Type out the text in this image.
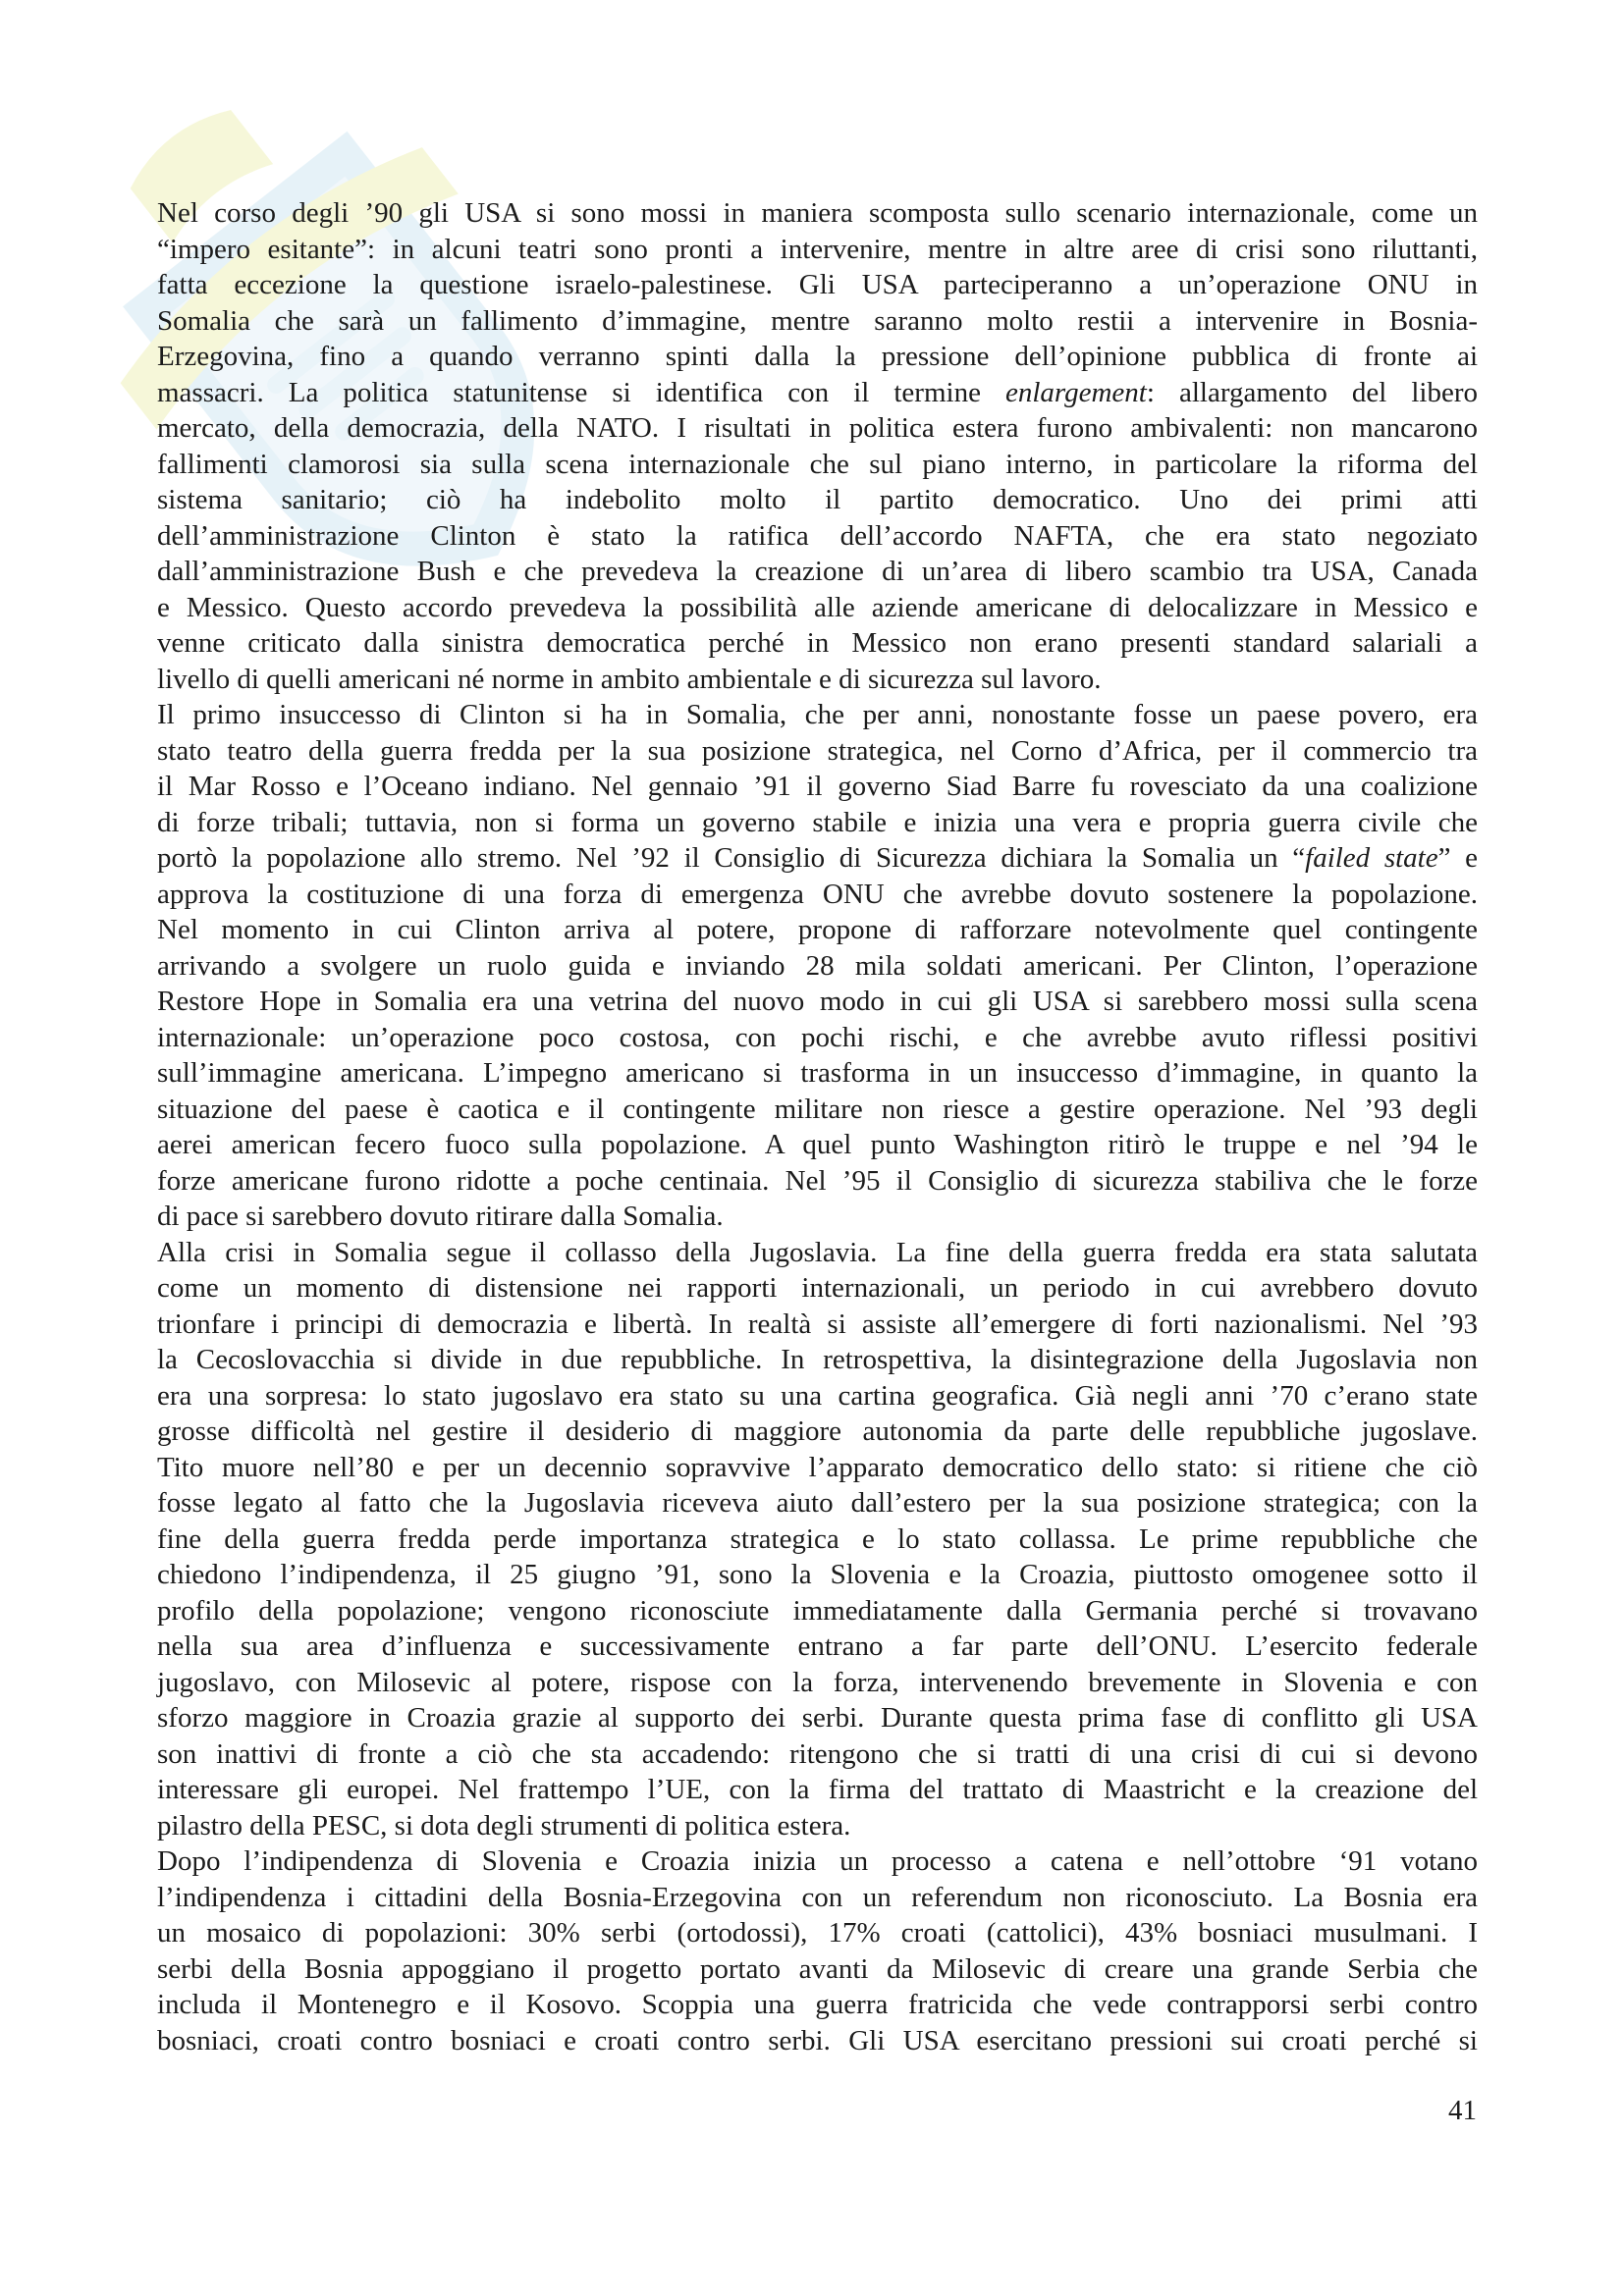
Nel corso degli ’90 gli USA si sono mossi in maniera scomposta sullo scenario internazionale, come un
“impero esitante”: in alcuni teatri sono pronti a intervenire, mentre in altre aree di crisi sono riluttanti,
fatta eccezione la questione israelo-palestinese. Gli USA parteciperanno a un’operazione ONU in
Somalia che sarà un fallimento d’immagine, mentre saranno molto restii a intervenire in Bosnia-
Erzegovina, fino a quando verranno spinti dalla la pressione dell’opinione pubblica di fronte ai
massacri. La politica statunitense si identifica con il termine enlargement: allargamento del libero
mercato, della democrazia, della NATO. I risultati in politica estera furono ambivalenti: non mancarono
fallimenti clamorosi sia sulla scena internazionale che sul piano interno, in particolare la riforma del
sistema sanitario; ciò ha indebolito molto il partito democratico. Uno dei primi atti
dell’amministrazione Clinton è stato la ratifica dell’accordo NAFTA, che era stato negoziato
dall’amministrazione Bush e che prevedeva la creazione di un’area di libero scambio tra USA, Canada
e Messico. Questo accordo prevedeva la possibilità alle aziende americane di delocalizzare in Messico e
venne criticato dalla sinistra democratica perché in Messico non erano presenti standard salariali a
livello di quelli americani né norme in ambito ambientale e di sicurezza sul lavoro.
Il primo insuccesso di Clinton si ha in Somalia, che per anni, nonostante fosse un paese povero, era
stato teatro della guerra fredda per la sua posizione strategica, nel Corno d’Africa, per il commercio tra
il Mar Rosso e l’Oceano indiano. Nel gennaio ’91 il governo Siad Barre fu rovesciato da una coalizione
di forze tribali; tuttavia, non si forma un governo stabile e inizia una vera e propria guerra civile che
portò la popolazione allo stremo. Nel ’92 il Consiglio di Sicurezza dichiara la Somalia un “failed state” e
approva la costituzione di una forza di emergenza ONU che avrebbe dovuto sostenere la popolazione.
Nel momento in cui Clinton arriva al potere, propone di rafforzare notevolmente quel contingente
arrivando a svolgere un ruolo guida e inviando 28 mila soldati americani. Per Clinton, l’operazione
Restore Hope in Somalia era una vetrina del nuovo modo in cui gli USA si sarebbero mossi sulla scena
internazionale: un’operazione poco costosa, con pochi rischi, e che avrebbe avuto riflessi positivi
sull’immagine americana. L’impegno americano si trasforma in un insuccesso d’immagine, in quanto la
situazione del paese è caotica e il contingente militare non riesce a gestire operazione. Nel ’93 degli
aerei american fecero fuoco sulla popolazione. A quel punto Washington ritirò le truppe e nel ’94 le
forze americane furono ridotte a poche centinaia. Nel ’95 il Consiglio di sicurezza stabiliva che le forze
di pace si sarebbero dovuto ritirare dalla Somalia.
Alla crisi in Somalia segue il collasso della Jugoslavia. La fine della guerra fredda era stata salutata
come un momento di distensione nei rapporti internazionali, un periodo in cui avrebbero dovuto
trionfare i principi di democrazia e libertà. In realtà si assiste all’emergere di forti nazionalismi. Nel ’93
la Cecoslovacchia si divide in due repubbliche. In retrospettiva, la disintegrazione della Jugoslavia non
era una sorpresa: lo stato jugoslavo era stato su una cartina geografica. Già negli anni ’70 c’erano state
grosse difficoltà nel gestire il desiderio di maggiore autonomia da parte delle repubbliche jugoslave.
Tito muore nell’80 e per un decennio sopravvive l’apparato democratico dello stato: si ritiene che ciò
fosse legato al fatto che la Jugoslavia riceveva aiuto dall’estero per la sua posizione strategica; con la
fine della guerra fredda perde importanza strategica e lo stato collassa. Le prime repubbliche che
chiedono l’indipendenza, il 25 giugno ’91, sono la Slovenia e la Croazia, piuttosto omogenee sotto il
profilo della popolazione; vengono riconosciute immediatamente dalla Germania perché si trovavano
nella sua area d’influenza e successivamente entrano a far parte dell’ONU. L’esercito federale
jugoslavo, con Milosevic al potere, rispose con la forza, intervenendo brevemente in Slovenia e con
sforzo maggiore in Croazia grazie al supporto dei serbi. Durante questa prima fase di conflitto gli USA
son inattivi di fronte a ciò che sta accadendo: ritengono che si tratti di una crisi di cui si devono
interessare gli europei. Nel frattempo l’UE, con la firma del trattato di Maastricht e la creazione del
pilastro della PESC, si dota degli strumenti di politica estera.
Dopo l’indipendenza di Slovenia e Croazia inizia un processo a catena e nell’ottobre ‘91 votano
l’indipendenza i cittadini della Bosnia-Erzegovina con un referendum non riconosciuto. La Bosnia era
un mosaico di popolazioni: 30% serbi (ortodossi), 17% croati (cattolici), 43% bosniaci musulmani. I
serbi della Bosnia appoggiano il progetto portato avanti da Milosevic di creare una grande Serbia che
includa il Montenegro e il Kosovo. Scoppia una guerra fratricida che vede contrapporsi serbi contro
bosniaci, croati contro bosniaci e croati contro serbi. Gli USA esercitano pressioni sui croati perché si
41
